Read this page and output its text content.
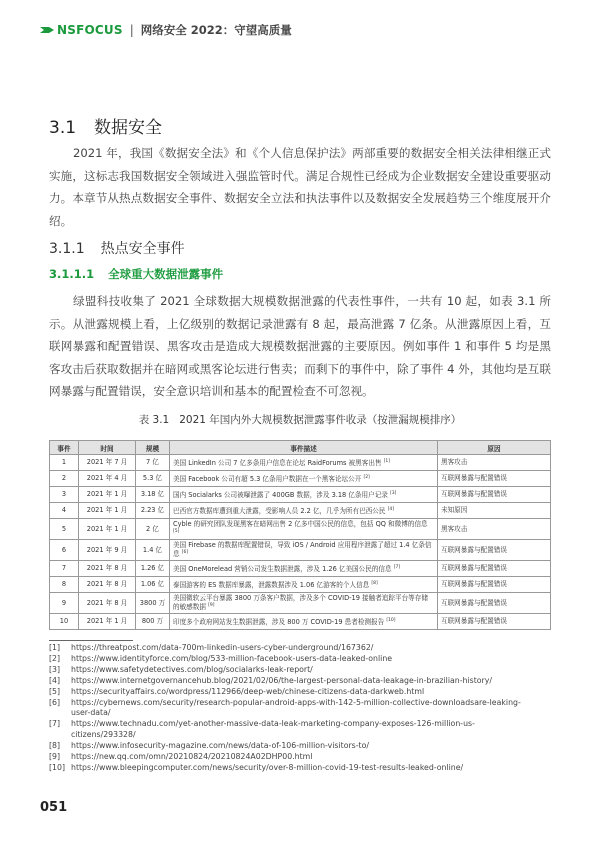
NSFOCUS | 网络安全 2022：守望高质量
3.1 数据安全

2021 年，我国《数据安全法》和《个人信息保护法》两部重要的数据安全相关法律相继正式实施，这标志我国数据安全领域进入强监管时代。满足合规性已经成为企业数据安全建设重要驱动力。本章节从热点数据安全事件、数据安全立法和执法事件以及数据安全发展趋势三个维度展开介绍。

3.1.1 热点安全事件
3.1.1.1 全球重大数据泄露事件

绿盟科技收集了 2021 全球数据大规模数据泄露的代表性事件，一共有 10 起，如表 3.1 所示。从泄露规模上看，上亿级别的数据记录泄露有 8 起，最高泄露 7 亿条。从泄露原因上看，互联网暴露和配置错误、黑客攻击是造成大规模数据泄露的主要原因。例如事件 1 和事件 5 均是黑客攻击后获取数据并在暗网或黑客论坛进行售卖；而剩下的事件中，除了事件 4 外，其他均是互联网暴露与配置错误，安全意识培训和基本的配置检查不可忽视。

表 3.1 2021 年国内外大规模数据泄露事件收录（按泄漏规模排序）
事件	时间	规模	事件描述	原因
1	2021 年 7 月	7 亿	美国 LinkedIn 公司 7 亿多条用户信息在论坛 RaidForums 被黑客出售 [1]	黑客攻击
2	2021 年 4 月	5.3 亿	美国 Facebook 公司有超 5.3 亿条用户数据在一个黑客论坛公开 [2]	互联网暴露与配置错误
3	2021 年 1 月	3.18 亿	国内 Socialarks 公司被曝泄露了 400GB 数据，涉及 3.18 亿条用户记录 [3]	互联网暴露与配置错误
4	2021 年 1 月	2.23 亿	巴西官方数据库遭到重大泄露，受影响人员 2.2 亿，几乎为所有巴西公民 [4]	未知原因
5	2021 年 1 月	2 亿	Cyble 的研究团队发现黑客在暗网出售 2 亿多中国公民的信息，包括 QQ 和微博的信息 [5]	黑客攻击
6	2021 年 9 月	1.4 亿	美国 Firebase 的数据库配置错误，导致 iOS / Android 应用程序泄露了超过 1.4 亿条信息 [6]	互联网暴露与配置错误
7	2021 年 8 月	1.26 亿	美国 OneMorelead 营销公司发生数据泄露，涉及 1.26 亿美国公民的信息 [7]	互联网暴露与配置错误
8	2021 年 8 月	1.06 亿	泰国游客的 ES 数据库暴露，泄露数据涉及 1.06 亿游客的个人信息 [8]	互联网暴露与配置错误
9	2021 年 8 月	3800 万	美国微软云平台暴露 3800 万条客户数据，涉及多个 COVID-19 接触者追踪平台等存储的敏感数据 [9]	互联网暴露与配置错误
10	2021 年 1 月	800 万	印度多个政府网站发生数据泄露，涉及 800 万 COVID-19 患者检测报告 [10]	互联网暴露与配置错误
[1]	https://threatpost.com/data-700m-linkedin-users-cyber-underground/167362/
[2]	https://www.identityforce.com/blog/533-million-facebook-users-data-leaked-online
[3]	https://www.safetydetectives.com/blog/socialarks-leak-report/
[4]	https://www.internetgovernancehub.blog/2021/02/06/the-largest-personal-data-leakage-in-brazilian-history/
[5]	https://securityaffairs.co/wordpress/112966/deep-web/chinese-citizens-data-darkweb.html
[6]	https://cybernews.com/security/research-popular-android-apps-with-142-5-million-collective-downloadsare-leaking-
user-data/
[7]	https://www.technadu.com/yet-another-massive-data-leak-marketing-company-exposes-126-million-us-
citizens/293328/
[8]	https://www.infosecurity-magazine.com/news/data-of-106-million-visitors-to/
[9]	https://new.qq.com/omn/20210824/20210824A02DHP00.html
[10] https://www.bleepingcomputer.com/news/security/over-8-million-covid-19-test-results-leaked-online/
051
